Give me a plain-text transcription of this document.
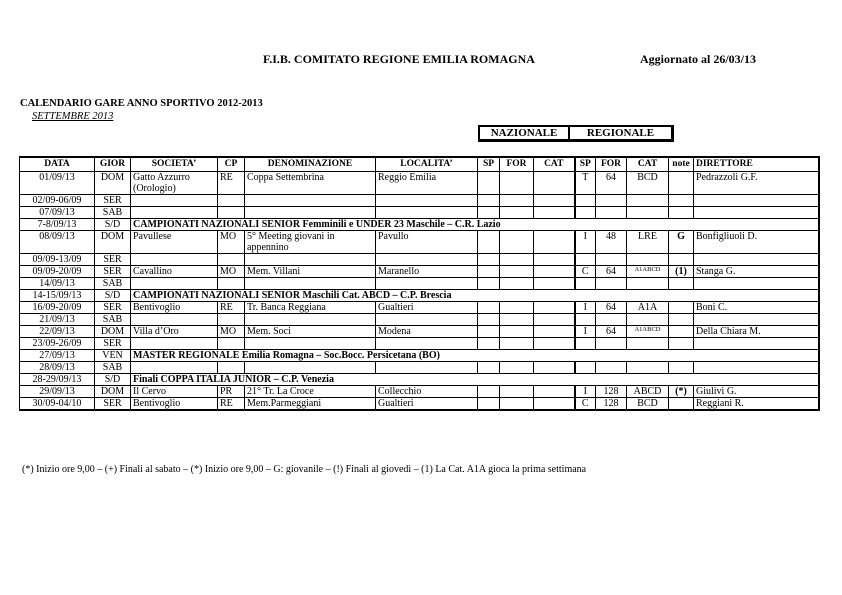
F.I.B. COMITATO REGIONE EMILIA ROMAGNA	Aggiornato al 26/03/13
CALENDARIO GARE ANNO SPORTIVO 2012-2013
SETTEMBRE 2013
NAZIONALE	REGIONALE
DATA	GIOR	SOCIETA’	CP	DENOMINAZIONE	LOCALITA’	SP	FOR	CAT	SP	FOR	CAT	note	DIRETTORE
01/09/13	DOM	Gatto Azzurro (Orologio)	RE	Coppa Settembrina	Reggio Emilia				T	64	BCD		Pedrazzoli G.F.
02/09-06/09	SER												
07/09/13	SAB												
7-8/09/13	S/D	CAMPIONATI NAZIONALI SENIOR Femminili e UNDER 23 Maschile – C.R. Lazio											
08/09/13	DOM	Pavullese	MO	5° Meeting giovani in appennino	Pavullo				I	48	LRE	G	Bonfigliuoli D.
09/09-13/09	SER												
09/09-20/09	SER	Cavallino	MO	Mem. Villani	Maranello				C	64	A1ABCD	(1)	Stanga G.
14/09/13	SAB												
14-15/09/13	S/D	CAMPIONATI NAZIONALI SENIOR Maschili Cat. ABCD – C.P. Brescia											
16/09-20/09	SER	Bentivoglio	RE	Tr. Banca Reggiana	Gualtieri				I	64	A1A		Boni C.
21/09/13	SAB												
22/09/13	DOM	Villa d’Oro	MO	Mem. Soci	Modena				I	64	A1ABCD		Della Chiara M.
23/09-26/09	SER												
27/09/13	VEN	MASTER REGIONALE Emilia Romagna – Soc.Bocc. Persicetana (BO)											
28/09/13	SAB												
28-29/09/13	S/D	Finali COPPA ITALIA JUNIOR – C.P. Venezia											
29/09/13	DOM	Il Cervo	PR	21° Tr. La Croce	Collecchio				I	128	ABCD	(*)	Giulivi G.
30/09-04/10	SER	Bentivoglio	RE	Mem.Parmeggiani	Gualtieri				C	128	BCD		Reggiani R.
(*) Inizio ore 9,00 – (+) Finali al sabato – (*) Inizio ore 9,00 – G: giovanile – (!) Finali al giovedì – (1) La Cat. A1A gioca la prima settimana
